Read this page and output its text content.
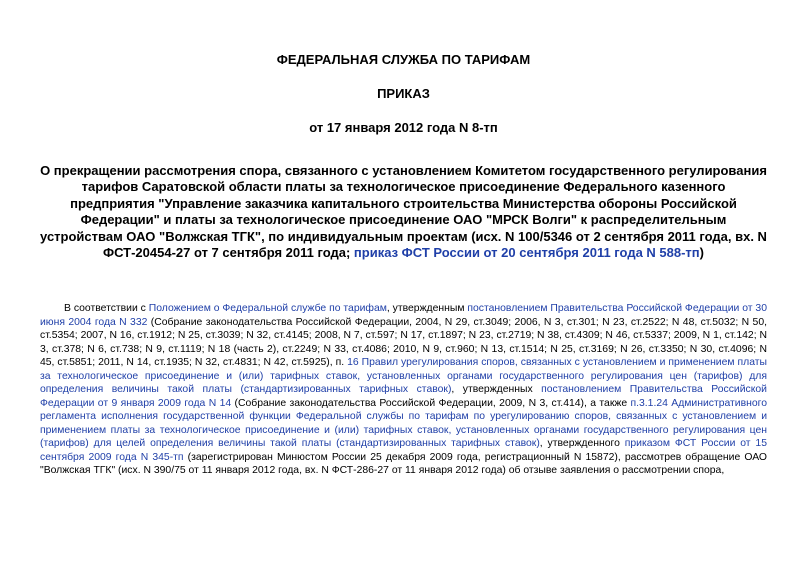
ФЕДЕРАЛЬНАЯ СЛУЖБА ПО ТАРИФАМ

ПРИКАЗ

от 17 января 2012 года N 8-тп

О прекращении рассмотрения спора, связанного с установлением Комитетом государственного регулирования тарифов Саратовской области платы за технологическое присоединение Федерального казенного предприятия "Управление заказчика капитального строительства Министерства обороны Российской Федерации" и платы за технологическое присоединение ОАО "МРСК Волги" к распределительным устройствам ОАО "Волжская ТГК", по индивидуальным проектам (исх. N 100/5346 от 2 сентября 2011 года, вх. N ФСТ-20454-27 от 7 сентября 2011 года; приказ ФСТ России от 20 сентября 2011 года N 588-тп)

В соответствии с Положением о Федеральной службе по тарифам, утвержденным постановлением Правительства Российской Федерации от 30 июня 2004 года N 332 (Собрание законодательства Российской Федерации, 2004, N 29, ст.3049; 2006, N 3, ст.301; N 23, ст.2522; N 48, ст.5032; N 50, ст.5354; 2007, N 16, ст.1912; N 25, ст.3039; N 32, ст.4145; 2008, N 7, ст.597; N 17, ст.1897; N 23, ст.2719; N 38, ст.4309; N 46, ст.5337; 2009, N 1, ст.142; N 3, ст.378; N 6, ст.738; N 9, ст.1119; N 18 (часть 2), ст.2249; N 33, ст.4086; 2010, N 9, ст.960; N 13, ст.1514; N 25, ст.3169; N 26, ст.3350; N 30, ст.4096; N 45, ст.5851; 2011, N 14, ст.1935; N 32, ст.4831; N 42, ст.5925), п. 16 Правил урегулирования споров, связанных с установлением и применением платы за технологическое присоединение и (или) тарифных ставок, установленных органами государственного регулирования цен (тарифов) для определения величины такой платы (стандартизированных тарифных ставок), утвержденных постановлением Правительства Российской Федерации от 9 января 2009 года N 14 (Собрание законодательства Российской Федерации, 2009, N 3, ст.414), а также п.3.1.24 Административного регламента исполнения государственной функции Федеральной службы по тарифам по урегулированию споров, связанных с установлением и применением платы за технологическое присоединение и (или) тарифных ставок, установленных органами государственного регулирования цен (тарифов) для целей определения величины такой платы (стандартизированных тарифных ставок), утвержденного приказом ФСТ России от 15 сентября 2009 года N 345-тп (зарегистрирован Минюстом России 25 декабря 2009 года, регистрационный N 15872), рассмотрев обращение ОАО "Волжская ТГК" (исх. N 390/75 от 11 января 2012 года, вх. N ФСТ-286-27 от 11 января 2012 года) об отзыве заявления о рассмотрении спора,
